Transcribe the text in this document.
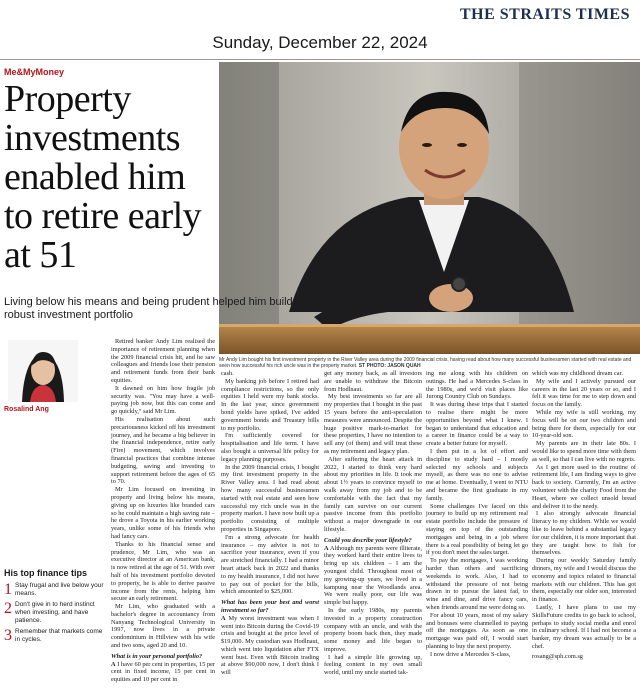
THE STRAITS TIMES
Sunday, December 22, 2024
Me&MyMoney
Property investments enabled him to retire early at 51
Mr Andy Lim bought his first investment property in the River Valley area during the 2009 financial crisis, having read about how many successful businessmen started with real estate and seen how successful his rich uncle was in the property market. ST PHOTO: JASON QUAH
Living below his means and being prudent helped him build robust investment portfolio
Rosalind Ang
His top finance tips
1 Stay frugal and live below your means.
2 Don't give in to herd instinct when investing, and have patience.
3 Remember that markets come in cycles.

Retired banker Andy Lim realised the importance of retirement planning when the 2009 financial crisis hit, and he saw colleagues and friends lose their pension and retirement funds from their bank equities.

It dawned on him how fragile job security was. "You may have a well-paying job now, but this can come and go quickly," said Mr Lim.

His realisation about such precariousness kicked off his investment journey, and he became a big believer in the financial independence, retire early (Fire) movement, which involves financial practices that combine intense budgeting, saving and investing to support retirement before the ages of 65 to 70.

Mr Lim focused on investing in property and living below his means, giving up on luxuries like branded cars so he could maintain a high saving rate – he drove a Toyota in his earlier working years, unlike some of his friends who had fancy cars.

Thanks to his financial sense and prudence, Mr Lim, who was an executive director at an American bank, is now retired at the age of 51. With over half of his investment portfolio devoted to property, he is able to derive passive income from the rents, helping him secure an early retirement.

Mr Lim, who graduated with a bachelor's degree in accountancy from Nanyang Technological University in 1997, now lives in a private condominium in Hillview with his wife and two sons, aged 20 and 10.

What is in your personal portfolio?

A I have 60 per cent in properties, 15 per cent in fixed income, 15 per cent in equities and 10 per cent in

cash.

My banking job before I retired had compliance restrictions, so the only equities I held were my bank stocks. In the last year, since government bond yields have spiked, I've added government bonds and Treasury bills to my portfolio.

I'm sufficiently covered for hospitalisation and life term. I have also bought a universal life policy for legacy planning purposes.

In the 2009 financial crisis, I bought my first investment property in the River Valley area. I had read about how many successful businessmen started with real estate and seen how successful my rich uncle was in the property market. I have now built up a portfolio consisting of multiple properties in Singapore.

I'm a strong advocate for health insurance – my advice is not to sacrifice your insurance, even if you are stretched financially. I had a minor heart attack back in 2022 and thanks to my health insurance, I did not have to pay out of pocket for the bills, which amounted to $25,000.

What has been your best and worst investment so far?

A My worst investment was when I went into Bitcoin during the Covid-19 crisis and bought at the price level of $19,000. My custodian was Hodlnaut, which went into liquidation after FTX went bust. Even with Bitcoin trading at above $90,000 now, I don't think I will

get any money back, as all investors are unable to withdraw the Bitcoin from Hodlnaut.

My best investments so far are all my properties that I bought in the past 15 years before the anti-speculation measures were announced. Despite the huge positive mark-to-market for these properties, I have no intention to sell any (of them) and will treat these as my retirement and legacy plan.

After suffering the heart attack in 2022, I started to think very hard about my priorities in life. It took me about 1½ years to convince myself to walk away from my job and to be comfortable with the fact that my family can survive on our current passive income from this portfolio without a major downgrade in our lifestyle.

Could you describe your lifestyle?

A Although my parents were illiterate, they worked hard their entire lives to bring up six children – I am the youngest child. Throughout most of my growing-up years, we lived in a kampung near the Woodlands area. We were really poor, our life was simple but happy.

In the early 1980s, my parents invested in a property construction company with an uncle, and with the property boom back then, they made some money and life began to improve.

I had a simple life growing up, feeling content in my own small world, until my uncle started tak-

ing me along with his children on outings. He had a Mercedes S-class in the 1980s, and we'd visit places like Jurong Country Club on Sundays.

It was during these trips that I started to realise there might be more opportunities beyond what I knew. I began to understand that education and a career in finance could be a way to create a better future for myself.

I then put in a lot of effort and discipline to study hard – I mostly selected my schools and subjects myself, as there was no one to advise me at home. Eventually, I went to NTU and became the first graduate in my family.

Some challenges I've faced on this journey to build up my retirement real estate portfolio include the pressure of staying on top of the outstanding mortgages and being in a job where there is a real possibility of being let go if you don't meet the sales target.

To pay the mortgages, I was working harder than others and sacrificing weekends to work. Also, I had to withstand the pressure of not being drawn in to pursue the latest fad, to wine and dine, and drive fancy cars, when friends around me were doing so.

For about 10 years, most of my salary and bonuses were channelled to paying off the mortgages. As soon as one mortgage was paid off, I would start planning to buy the next property.

I now drive a Mercedes S-class,

which was my childhood dream car.

My wife and I actively pursued our careers in the last 20 years or so, and I felt it was time for me to step down and focus on the family.

While my wife is still working, my focus will be on our two children and being there for them, especially for our 10-year-old son.

My parents are in their late 80s. I would like to spend more time with them as well, so that I can live with no regrets.

As I get more used to the routine of retirement life, I am finding ways to give back to society. Currently, I'm an active volunteer with the charity Food from the Heart, where we collect unsold bread and deliver it to the needy.

I also strongly advocate financial literacy to my children. While we would like to leave behind a substantial legacy for our children, it is more important that they are taught how to fish for themselves.

During our weekly Saturday family dinners, my wife and I would discuss the economy and topics related to financial markets with our children. This has got them, especially our older son, interested in finance.

Lastly, I have plans to use my SkillsFuture credits to go back to school, perhaps to study social media and enrol in culinary school. If I had not become a banker, my dream was actually to be a chef.

rosang@sph.com.sg
